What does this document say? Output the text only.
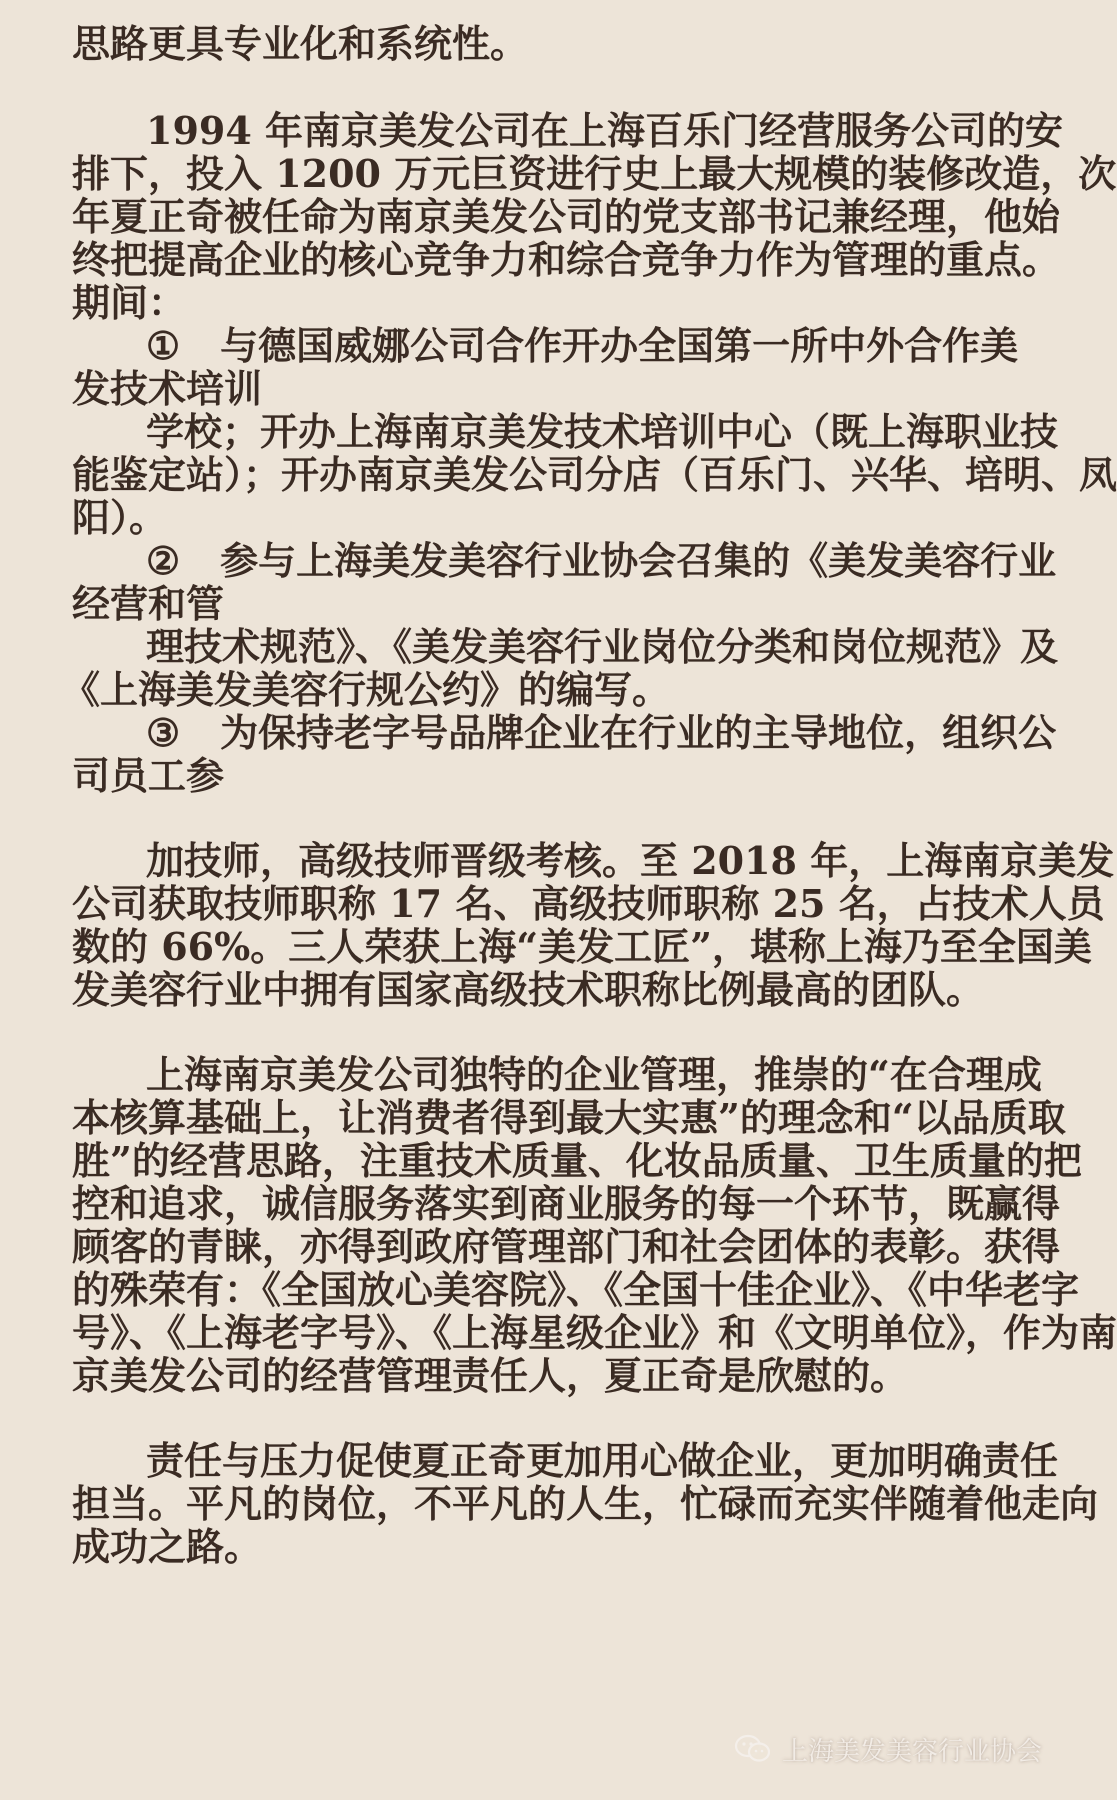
思路更具专业化和系统性。
1994 年南京美发公司在上海百乐门经营服务公司的安
排下，投入 1200 万元巨资进行史上最大规模的装修改造，次
年夏正奇被任命为南京美发公司的党支部书记兼经理，他始
终把提高企业的核心竞争力和综合竞争力作为管理的重点。
期间：
① 与德国威娜公司合作开办全国第一所中外合作美
发技术培训
学校；开办上海南京美发技术培训中心（既上海职业技
能鉴定站）；开办南京美发公司分店（百乐门、兴华、培明、凤
阳）。
② 参与上海美发美容行业协会召集的《美发美容行业
经营和管
理技术规范》、《美发美容行业岗位分类和岗位规范》及
《上海美发美容行规公约》的编写。
③ 为保持老字号品牌企业在行业的主导地位，组织公
司员工参
加技师，高级技师晋级考核。至 2018 年，上海南京美发
公司获取技师职称 17 名、高级技师职称 25 名，占技术人员
数的 66%。三人荣获上海“美发工匠”，堪称上海乃至全国美
发美容行业中拥有国家高级技术职称比例最高的团队。
上海南京美发公司独特的企业管理，推崇的“在合理成
本核算基础上，让消费者得到最大实惠”的理念和“以品质取
胜”的经营思路，注重技术质量、化妆品质量、卫生质量的把
控和追求，诚信服务落实到商业服务的每一个环节，既赢得
顾客的青睐，亦得到政府管理部门和社会团体的表彰。获得
的殊荣有：《全国放心美容院》、《全国十佳企业》、《中华老字
号》、《上海老字号》、《上海星级企业》和《文明单位》，作为南
京美发公司的经营管理责任人，夏正奇是欣慰的。
责任与压力促使夏正奇更加用心做企业，更加明确责任
担当。平凡的岗位，不平凡的人生，忙碌而充实伴随着他走向
成功之路。
上海美发美容行业协会
